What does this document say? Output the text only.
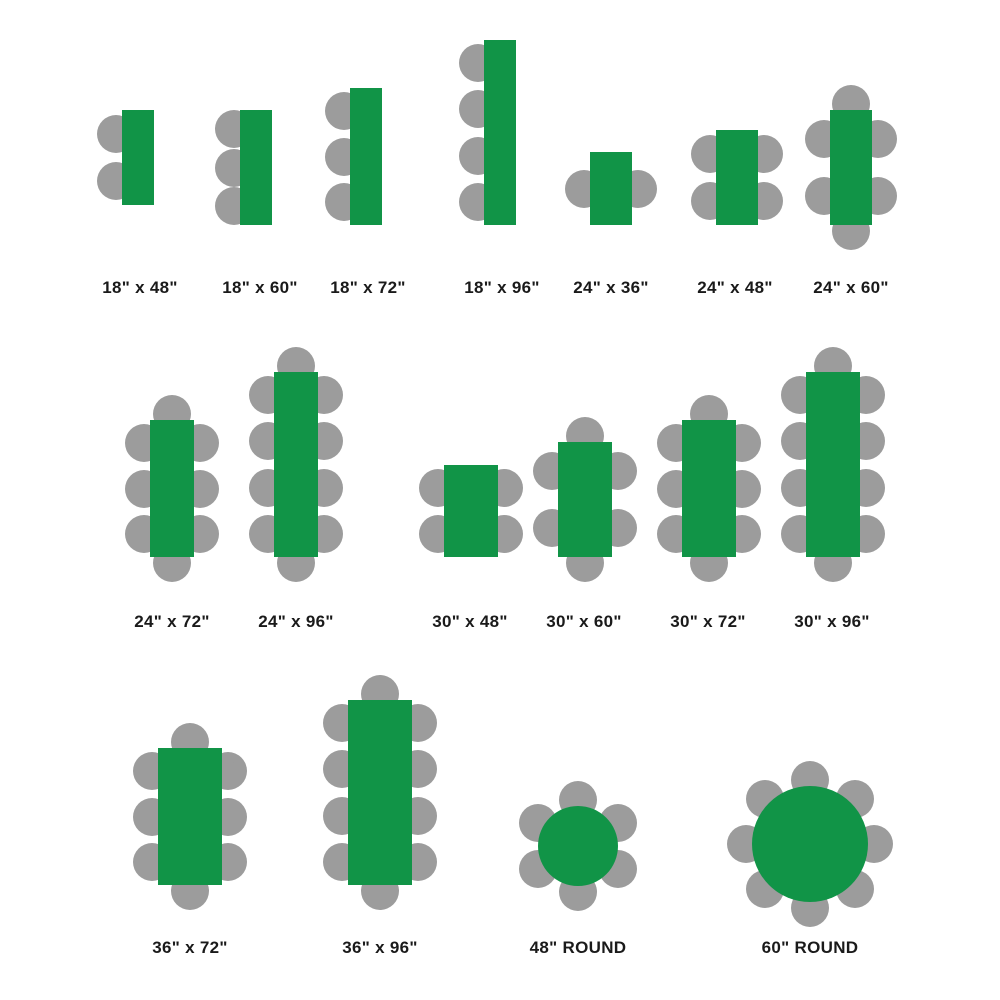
18" x 48"	18" x 60"	18" x 72"	18" x 96"	24" x 36"	24" x 48"	24" x 60"
24" x 72"	24" x 96"	30" x 48"	30" x 60"	30" x 72"	30" x 96"
36" x 72"	36" x 96"	48" ROUND	60" ROUND
